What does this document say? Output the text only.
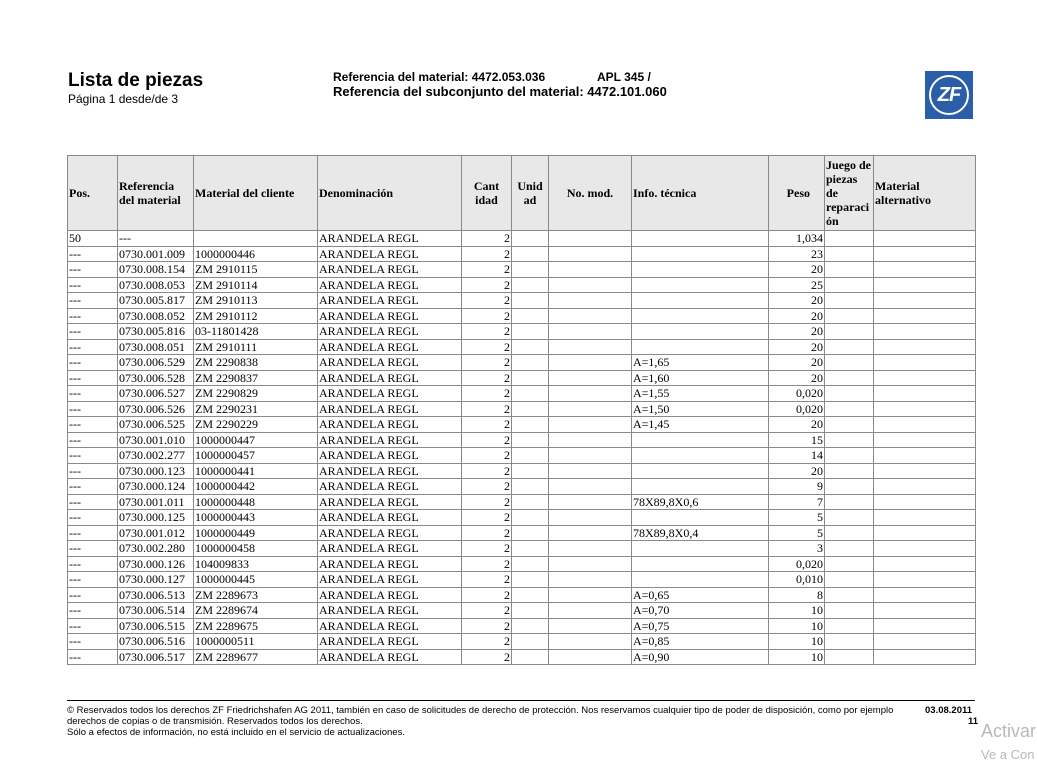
Lista de piezas
Página 1 desde/de 3
Referencia del material: 4472.053.036	APL 345 /
Referencia del subconjunto del material: 4472.101.060	ZF
Pos.	Referencia del material	Material del cliente	Denominación	Cant idad	Unid ad	No. mod.	Info. técnica	Peso	Juego de piezas de reparaci ón	Material alternativo
50	---		ARANDELA REGL	2				1,034		
---	0730.001.009	1000000446	ARANDELA REGL	2				23		
---	0730.008.154	ZM 2910115	ARANDELA REGL	2				20		
---	0730.008.053	ZM 2910114	ARANDELA REGL	2				25		
---	0730.005.817	ZM 2910113	ARANDELA REGL	2				20		
---	0730.008.052	ZM 2910112	ARANDELA REGL	2				20		
---	0730.005.816	03-11801428	ARANDELA REGL	2				20		
---	0730.008.051	ZM 2910111	ARANDELA REGL	2				20		
---	0730.006.529	ZM 2290838	ARANDELA REGL	2			A=1,65	20		
---	0730.006.528	ZM 2290837	ARANDELA REGL	2			A=1,60	20		
---	0730.006.527	ZM 2290829	ARANDELA REGL	2			A=1,55	0,020		
---	0730.006.526	ZM 2290231	ARANDELA REGL	2			A=1,50	0,020		
---	0730.006.525	ZM 2290229	ARANDELA REGL	2			A=1,45	20		
---	0730.001.010	1000000447	ARANDELA REGL	2				15		
---	0730.002.277	1000000457	ARANDELA REGL	2				14		
---	0730.000.123	1000000441	ARANDELA REGL	2				20		
---	0730.000.124	1000000442	ARANDELA REGL	2				9		
---	0730.001.011	1000000448	ARANDELA REGL	2			78X89,8X0,6	7		
---	0730.000.125	1000000443	ARANDELA REGL	2				5		
---	0730.001.012	1000000449	ARANDELA REGL	2			78X89,8X0,4	5		
---	0730.002.280	1000000458	ARANDELA REGL	2				3		
---	0730.000.126	104009833	ARANDELA REGL	2				0,020		
---	0730.000.127	1000000445	ARANDELA REGL	2				0,010		
---	0730.006.513	ZM 2289673	ARANDELA REGL	2			A=0,65	8		
---	0730.006.514	ZM 2289674	ARANDELA REGL	2			A=0,70	10		
---	0730.006.515	ZM 2289675	ARANDELA REGL	2			A=0,75	10		
---	0730.006.516	1000000511	ARANDELA REGL	2			A=0,85	10		
---	0730.006.517	ZM 2289677	ARANDELA REGL	2			A=0,90	10		
© Reservados todos los derechos ZF Friedrichshafen AG 2011, también en caso de solicitudes de derecho de protección. Nos reservamos cualquier tipo de poder de disposición, como por ejemplo derechos de copias o de transmisión. Reservados todos los derechos.
Sólo a efectos de información, no está incluido en el servicio de actualizaciones.
03.08.2011
11 Activar
Ve a Con
